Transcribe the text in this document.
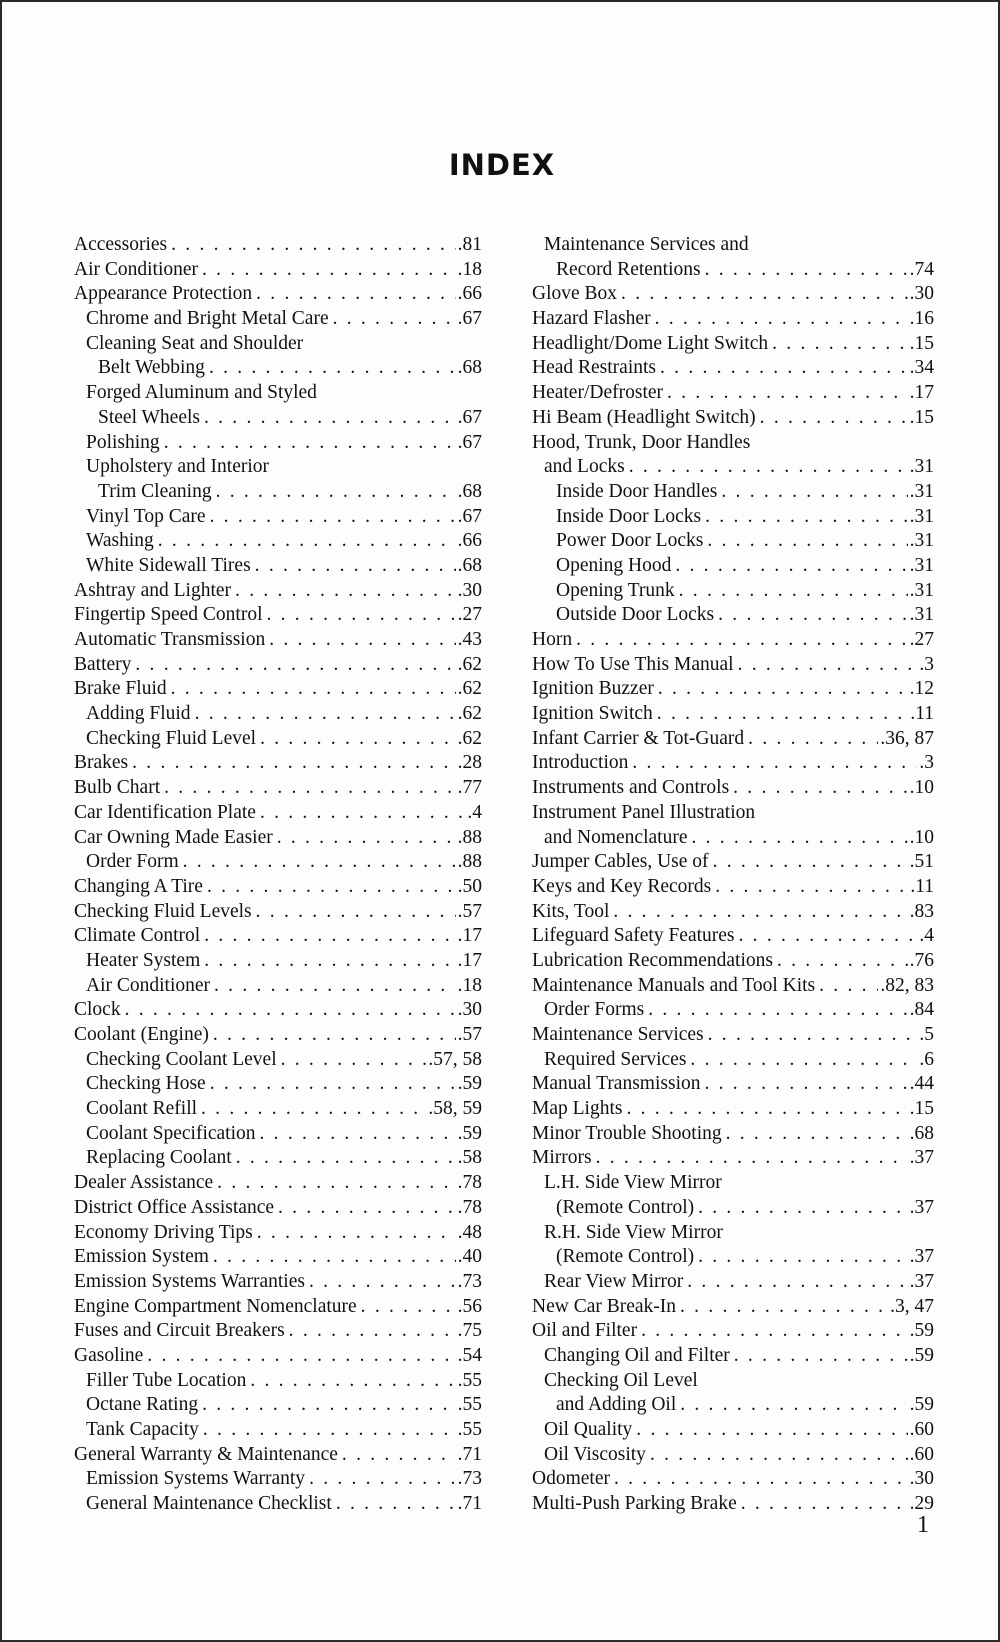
INDEX
Accessories . . .	.81
Air Conditioner . . .	.18
Appearance Protection . . .	.66
Chrome and Bright Metal Care . . .	.67
Cleaning Seat and Shoulder
Belt Webbing . . .	.68
Forged Aluminum and Styled
Steel Wheels . . .	.67
Polishing . . .	.67
Upholstery and Interior
Trim Cleaning . . .	.68
Vinyl Top Care . . .	.67
Washing . . .	.66
White Sidewall Tires . . .	.68
Ashtray and Lighter . . .	.30
Fingertip Speed Control . . .	.27
Automatic Transmission . . .	.43
Battery . . .	.62
Brake Fluid . . .	.62
Adding Fluid . . .	.62
Checking Fluid Level . . .	.62
Brakes . . .	.28
Bulb Chart . . .	.77
Car Identification Plate . . .	.4
Car Owning Made Easier . . .	.88
Order Form . . .	.88
Changing A Tire . . .	.50
Checking Fluid Levels . . .	.57
Climate Control . . .	.17
Heater System . . .	.17
Air Conditioner . . .	.18
Clock . . .	.30
Coolant (Engine) . . .	.57
Checking Coolant Level . . .	.57, 58
Checking Hose . . .	.59
Coolant Refill . . .	.58, 59
Coolant Specification . . .	.59
Replacing Coolant . . .	.58
Dealer Assistance . . .	.78
District Office Assistance . . .	.78
Economy Driving Tips . . .	.48
Emission System . . .	.40
Emission Systems Warranties . . .	.73
Engine Compartment Nomenclature . . .	.56
Fuses and Circuit Breakers . . .	.75
Gasoline . . .	.54
Filler Tube Location . . .	.55
Octane Rating . . .	.55
Tank Capacity . . .	.55
General Warranty & Maintenance . . .	.71
Emission Systems Warranty . . .	.73
General Maintenance Checklist . . .	.71
Maintenance Services and
Record Retentions . . .	.74
Glove Box . . .	.30
Hazard Flasher . . .	.16
Headlight/Dome Light Switch . . .	.15
Head Restraints . . .	.34
Heater/Defroster . . .	.17
Hi Beam (Headlight Switch) . . .	.15
Hood, Trunk, Door Handles
and Locks . . .	.31
Inside Door Handles . . .	.31
Inside Door Locks . . .	.31
Power Door Locks . . .	.31
Opening Hood . . .	.31
Opening Trunk . . .	.31
Outside Door Locks . . .	.31
Horn . . .	.27
How To Use This Manual . . .	.3
Ignition Buzzer . . .	.12
Ignition Switch . . .	.11
Infant Carrier & Tot-Guard . . .	.36, 87
Introduction . . .	.3
Instruments and Controls . . .	.10
Instrument Panel Illustration
and Nomenclature . . .	.10
Jumper Cables, Use of . . .	.51
Keys and Key Records . . .	.11
Kits, Tool . . .	.83
Lifeguard Safety Features . . .	.4
Lubrication Recommendations . . .	.76
Maintenance Manuals and Tool Kits . . .	.82, 83
Order Forms . . .	.84
Maintenance Services . . .	.5
Required Services . . .	.6
Manual Transmission . . .	.44
Map Lights . . .	.15
Minor Trouble Shooting . . .	.68
Mirrors . . .	.37
L.H. Side View Mirror
(Remote Control) . . .	.37
R.H. Side View Mirror
(Remote Control) . . .	.37
Rear View Mirror . . .	.37
New Car Break-In . . .	.3, 47
Oil and Filter . . .	.59
Changing Oil and Filter . . .	.59
Checking Oil Level
and Adding Oil . . .	.59
Oil Quality . . .	.60
Oil Viscosity . . .	.60
Odometer . . .	.30
Multi-Push Parking Brake . . .	.29
1
